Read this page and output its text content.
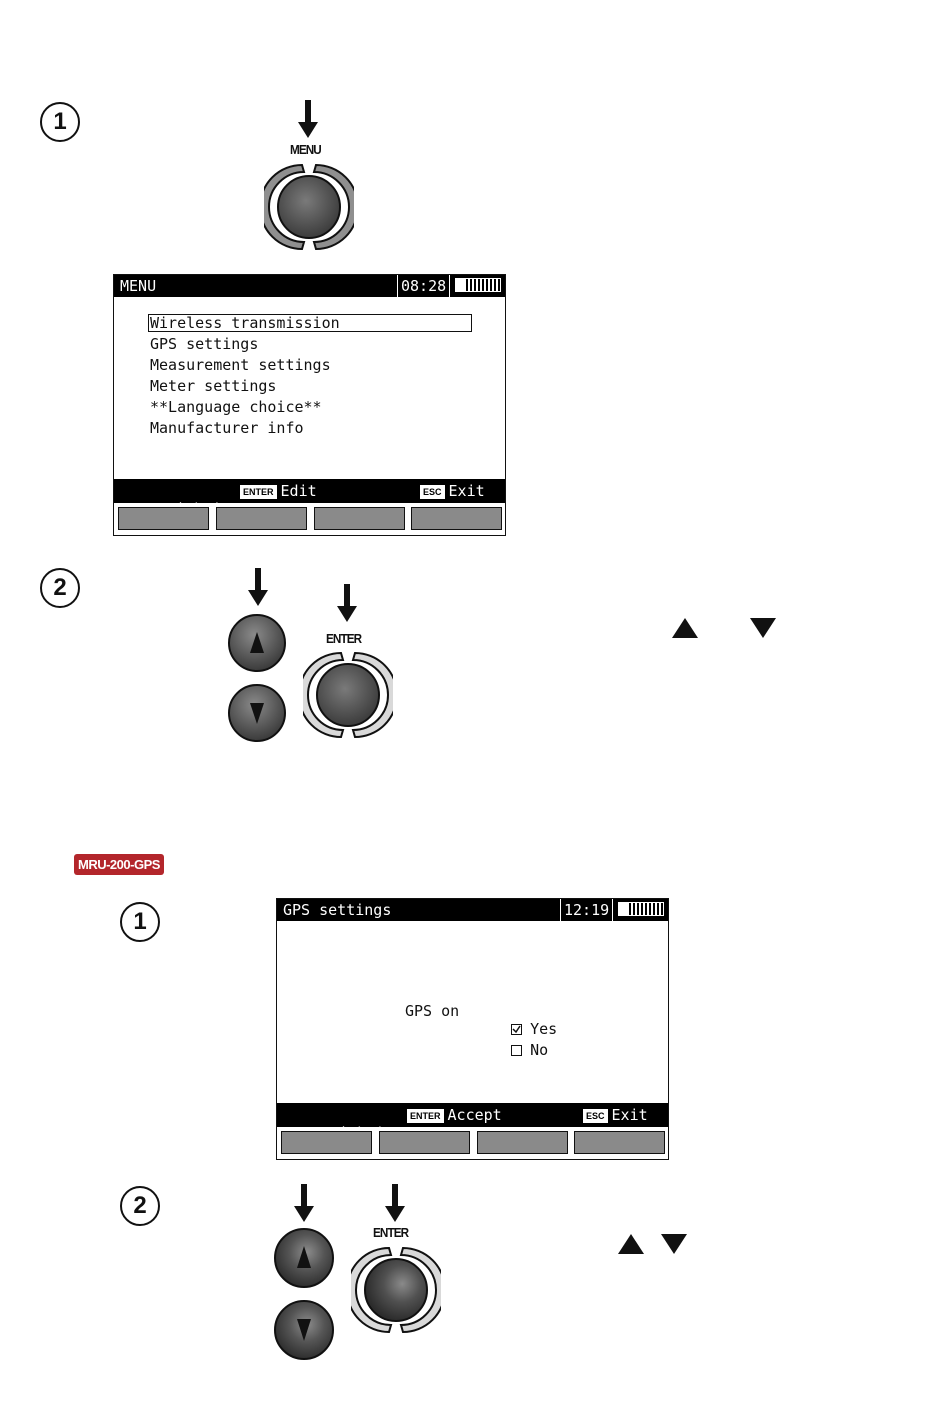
1
MENU
MENU	08:28
Wireless transmission
GPS settings
Measurement settings
Meter settings
**Language choice**
Manufacturer info

ENTER Edit	ESC Exit
2
ENTER
MRU-200-GPS
1	GPS settings	12:19
GPS on

Yes

No

ENTER Accept	ESC Exit
2
ENTER
